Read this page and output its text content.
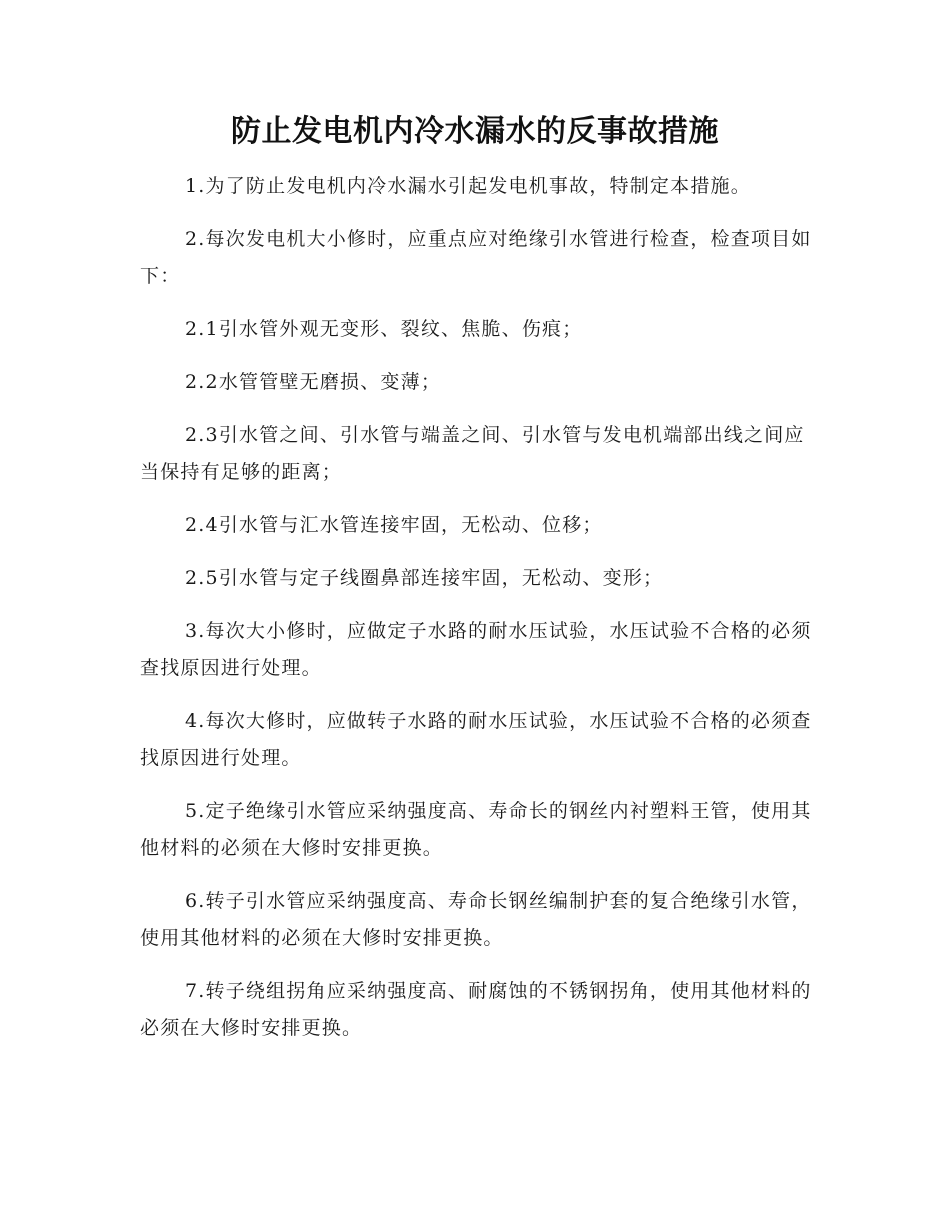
防止发电机内冷水漏水的反事故措施

1.为了防止发电机内冷水漏水引起发电机事故，特制定本措施。

2.每次发电机大小修时，应重点应对绝缘引水管进行检查，检查项目如下：

2.1引水管外观无变形、裂纹、焦脆、伤痕；

2.2水管管壁无磨损、变薄；

2.3引水管之间、引水管与端盖之间、引水管与发电机端部出线之间应当保持有足够的距离；

2.4引水管与汇水管连接牢固，无松动、位移；

2.5引水管与定子线圈鼻部连接牢固，无松动、变形；

3.每次大小修时，应做定子水路的耐水压试验，水压试验不合格的必须查找原因进行处理。

4.每次大修时，应做转子水路的耐水压试验，水压试验不合格的必须查找原因进行处理。

5.定子绝缘引水管应采纳强度高、寿命长的钢丝内衬塑料王管，使用其他材料的必须在大修时安排更换。

6.转子引水管应采纳强度高、寿命长钢丝编制护套的复合绝缘引水管，使用其他材料的必须在大修时安排更换。

7.转子绕组拐角应采纳强度高、耐腐蚀的不锈钢拐角，使用其他材料的必须在大修时安排更换。
